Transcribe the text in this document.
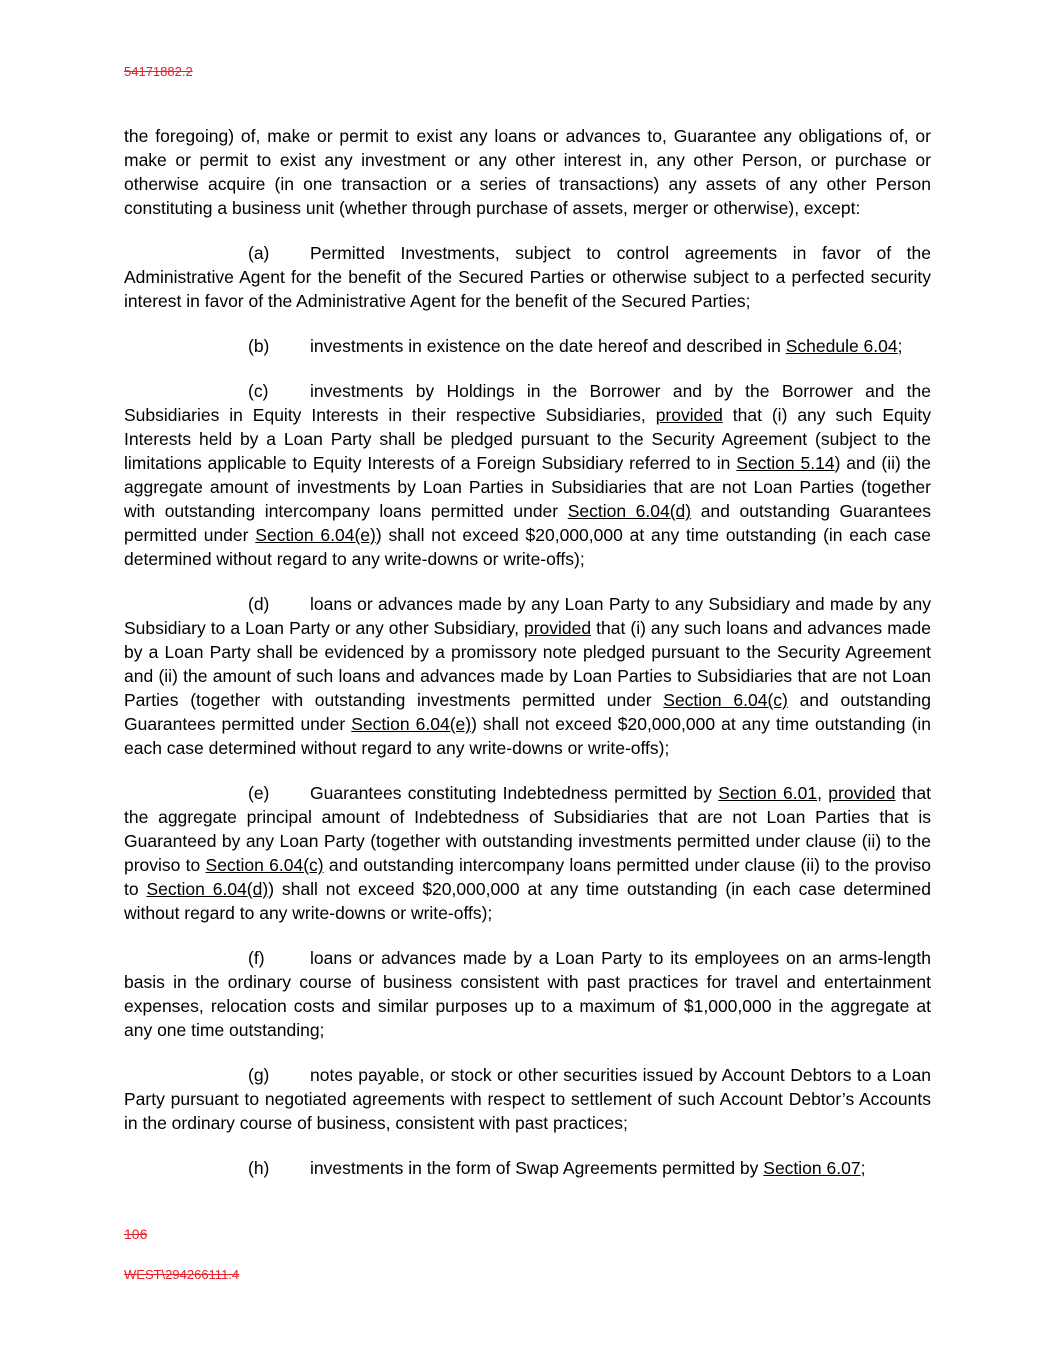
54171882.2

the foregoing) of, make or permit to exist any loans or advances to, Guarantee any obligations of, or make or permit to exist any investment or any other interest in, any other Person, or purchase or otherwise acquire (in one transaction or a series of transactions) any assets of any other Person constituting a business unit (whether through purchase of assets, merger or otherwise), except:

(a) Permitted Investments, subject to control agreements in favor of the Administrative Agent for the benefit of the Secured Parties or otherwise subject to a perfected security interest in favor of the Administrative Agent for the benefit of the Secured Parties;

(b) investments in existence on the date hereof and described in Schedule 6.04;

(c) investments by Holdings in the Borrower and by the Borrower and the Subsidiaries in Equity Interests in their respective Subsidiaries, provided that (i) any such Equity Interests held by a Loan Party shall be pledged pursuant to the Security Agreement (subject to the limitations applicable to Equity Interests of a Foreign Subsidiary referred to in Section 5.14) and (ii) the aggregate amount of investments by Loan Parties in Subsidiaries that are not Loan Parties (together with outstanding intercompany loans permitted under Section 6.04(d) and outstanding Guarantees permitted under Section 6.04(e)) shall not exceed $20,000,000 at any time outstanding (in each case determined without regard to any write-downs or write-offs);

(d) loans or advances made by any Loan Party to any Subsidiary and made by any Subsidiary to a Loan Party or any other Subsidiary, provided that (i) any such loans and advances made by a Loan Party shall be evidenced by a promissory note pledged pursuant to the Security Agreement and (ii) the amount of such loans and advances made by Loan Parties to Subsidiaries that are not Loan Parties (together with outstanding investments permitted under Section 6.04(c) and outstanding Guarantees permitted under Section 6.04(e)) shall not exceed $20,000,000 at any time outstanding (in each case determined without regard to any write-downs or write-offs);

(e) Guarantees constituting Indebtedness permitted by Section 6.01, provided that the aggregate principal amount of Indebtedness of Subsidiaries that are not Loan Parties that is Guaranteed by any Loan Party (together with outstanding investments permitted under clause (ii) to the proviso to Section 6.04(c) and outstanding intercompany loans permitted under clause (ii) to the proviso to Section 6.04(d)) shall not exceed $20,000,000 at any time outstanding (in each case determined without regard to any write-downs or write-offs);

(f)	loans or advances made by a Loan Party to its employees on an arms-length basis in the ordinary course of business consistent with past practices for travel and entertainment expenses, relocation costs and similar purposes up to a maximum of $1,000,000 in the aggregate at any one time outstanding;

(g) notes payable, or stock or other securities issued by Account Debtors to a Loan Party pursuant to negotiated agreements with respect to settlement of such Account Debtor’s Accounts in the ordinary course of business, consistent with past practices;

(h) investments in the form of Swap Agreements permitted by Section 6.07;

106
WEST\294266111.4
